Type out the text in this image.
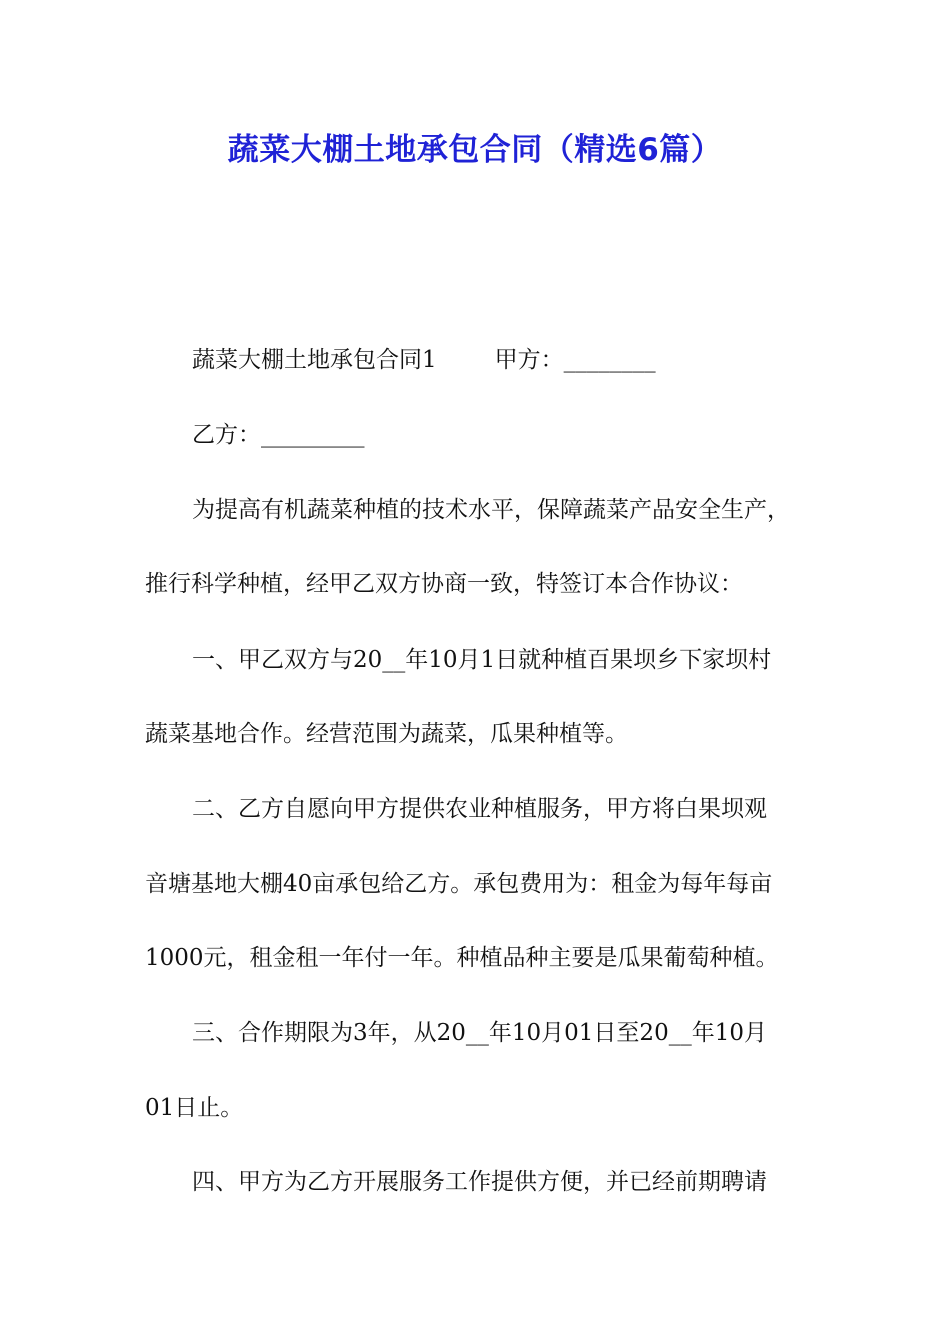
蔬菜大棚土地承包合同（精选6篇）
蔬菜大棚土地承包合同1	甲方：________
乙方：_________
为提高有机蔬菜种植的技术水平，保障蔬菜产品安全生产，
推行科学种植，经甲乙双方协商一致，特签订本合作协议：
一、甲乙双方与20__年10月1日就种植百果坝乡下家坝村
蔬菜基地合作。经营范围为蔬菜，瓜果种植等。
二、乙方自愿向甲方提供农业种植服务，甲方将白果坝观
音塘基地大棚40亩承包给乙方。承包费用为：租金为每年每亩
1000元，租金租一年付一年。种植品种主要是瓜果葡萄种植。
三、合作期限为3年，从20__年10月01日至20__年10月
01日止。
四、甲方为乙方开展服务工作提供方便，并已经前期聘请
